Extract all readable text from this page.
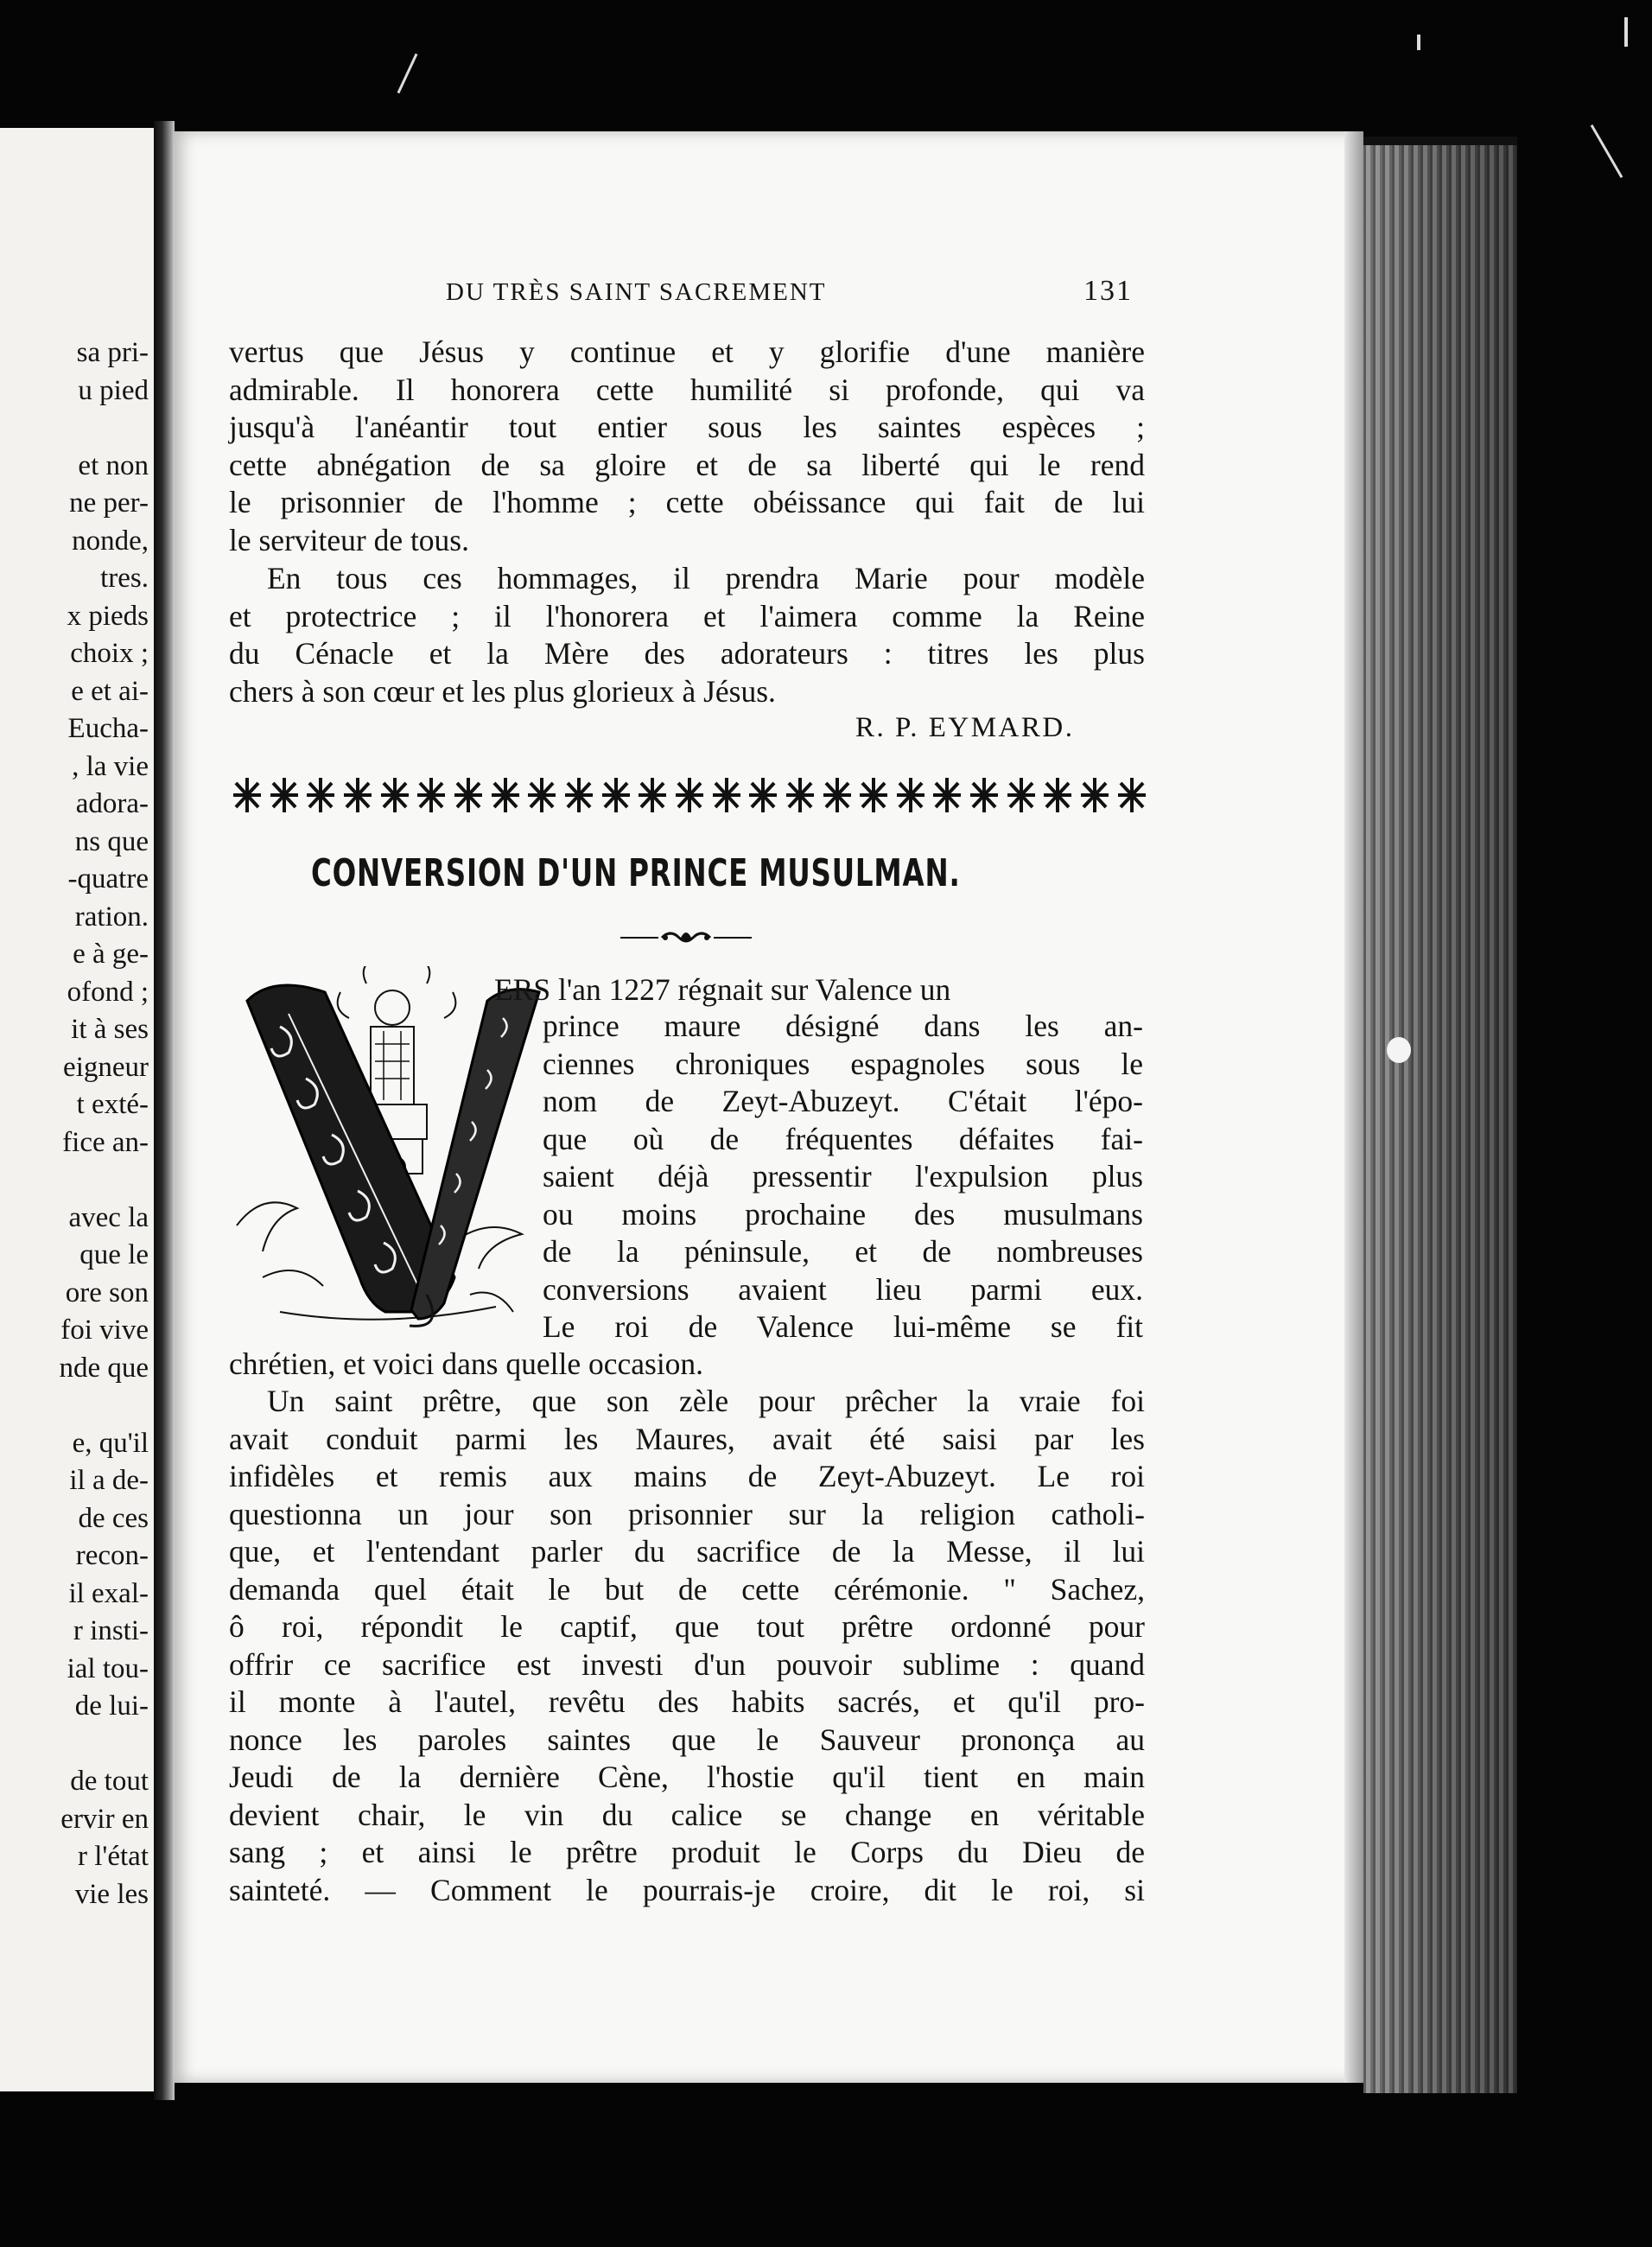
sa pri-
u pied
et non
ne per-
nonde,
tres.
x pieds
choix ;
e et ai-
Eucha-
, la vie
adora-
ns que
-quatre
ration.
e à ge-
ofond ;
it à ses
eigneur
t exté-
fice an-
avec la
que le
ore son
foi vive
nde que
e, qu'il
il a de-
de ces
recon-
il exal-
r insti-
ial tou-
de lui-
de tout
ervir en
r l'état
vie les
DU TRÈS SAINT SACREMENT	131
vertus que Jésus y continue et y glorifie d'une manière
admirable. Il honorera cette humilité si profonde, qui va
jusqu'à l'anéantir tout entier sous les saintes espèces ;
cette abnégation de sa gloire et de sa liberté qui le rend
le prisonnier de l'homme ; cette obéissance qui fait de lui
le serviteur de tous.
En tous ces hommages, il prendra Marie pour modèle
et protectrice ; il l'honorera et l'aimera comme la Reine
du Cénacle et la Mère des adorateurs : titres les plus
chers à son cœur et les plus glorieux à Jésus.
R. P. EYMARD.
CONVERSION D'UN PRINCE MUSULMAN.
ERS l'an 1227 régnait sur Valence un
prince maure désigné dans les an-
ciennes chroniques espagnoles sous le
nom de Zeyt-Abuzeyt. C'était l'épo-
que où de fréquentes défaites fai-
saient déjà pressentir l'expulsion plus
ou moins prochaine des musulmans
de la péninsule, et de nombreuses
conversions avaient lieu parmi eux.
Le roi de Valence lui-même se fit
chrétien, et voici dans quelle occasion.
Un saint prêtre, que son zèle pour prêcher la vraie foi
avait conduit parmi les Maures, avait été saisi par les
infidèles et remis aux mains de Zeyt-Abuzeyt. Le roi
questionna un jour son prisonnier sur la religion catholi-
que, et l'entendant parler du sacrifice de la Messe, il lui
demanda quel était le but de cette cérémonie. " Sachez,
ô roi, répondit le captif, que tout prêtre ordonné pour
offrir ce sacrifice est investi d'un pouvoir sublime : quand
il monte à l'autel, revêtu des habits sacrés, et qu'il pro-
nonce les paroles saintes que le Sauveur prononça au
Jeudi de la dernière Cène, l'hostie qu'il tient en main
devient chair, le vin du calice se change en véritable
sang ; et ainsi le prêtre produit le Corps du Dieu de
sainteté. — Comment le pourrais-je croire, dit le roi, si
